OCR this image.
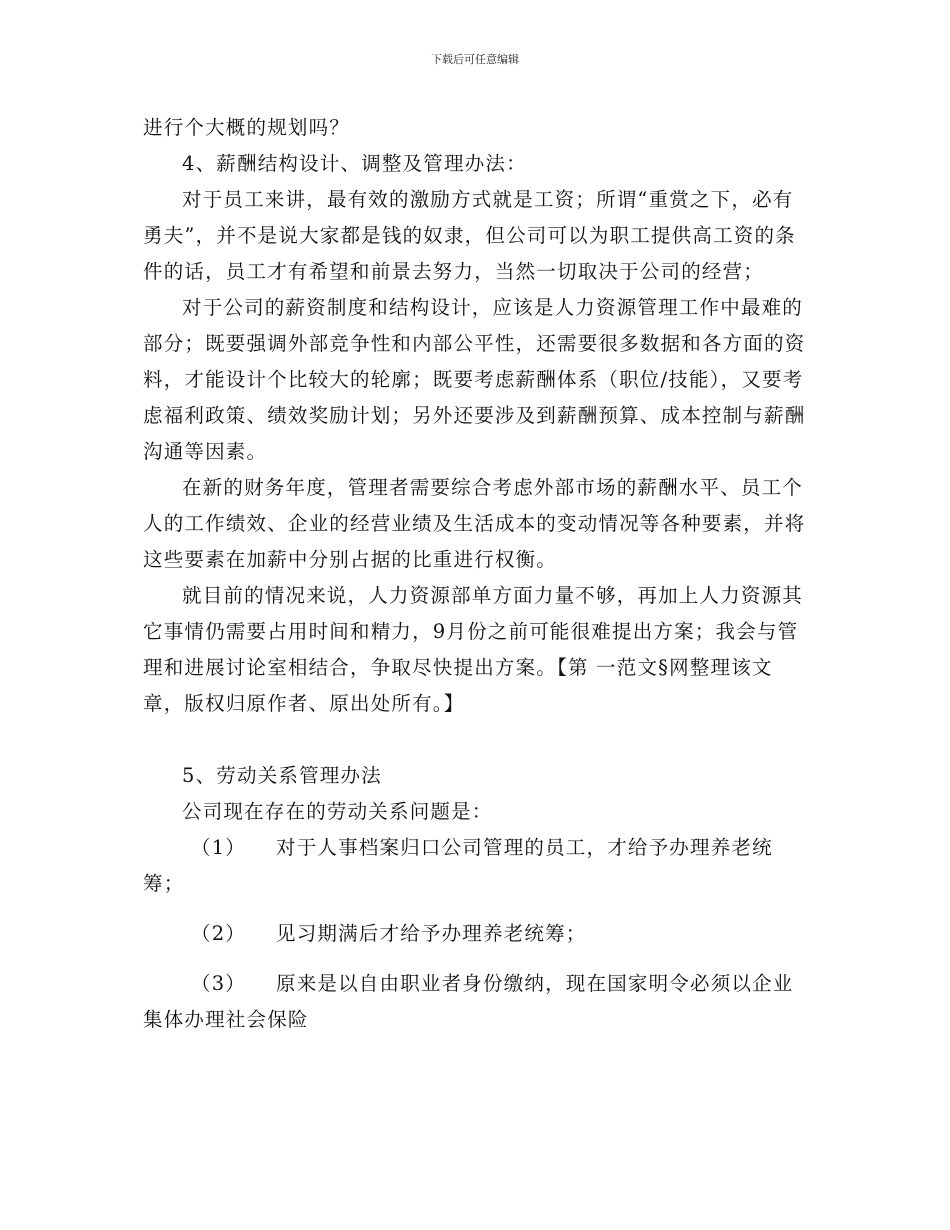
下载后可任意编辑

进行个大概的规划吗？

4、薪酬结构设计、调整及管理办法：

对于员工来讲，最有效的激励方式就是工资；所谓“重赏之下，必有勇夫”，并不是说大家都是钱的奴隶，但公司可以为职工提供高工资的条件的话，员工才有希望和前景去努力，当然一切取决于公司的经营；

对于公司的薪资制度和结构设计，应该是人力资源管理工作中最难的部分；既要强调外部竞争性和内部公平性，还需要很多数据和各方面的资料，才能设计个比较大的轮廓；既要考虑薪酬体系（职位/技能），又要考虑福利政策、绩效奖励计划；另外还要涉及到薪酬预算、成本控制与薪酬沟通等因素。

在新的财务年度，管理者需要综合考虑外部市场的薪酬水平、员工个人的工作绩效、企业的经营业绩及生活成本的变动情况等各种要素，并将这些要素在加薪中分别占据的比重进行权衡。

就目前的情况来说，人力资源部单方面力量不够，再加上人力资源其它事情仍需要占用时间和精力，9月份之前可能很难提出方案；我会与管理和进展讨论室相结合，争取尽快提出方案。【第 一范文§网整理该文章，版权归原作者、原出处所有。】

5、劳动关系管理办法

公司现在存在的劳动关系问题是：

（1） 对于人事档案归口公司管理的员工，才给予办理养老统筹；

（2） 见习期满后才给予办理养老统筹；

（3） 原来是以自由职业者身份缴纳，现在国家明令必须以企业集体办理社会保险
